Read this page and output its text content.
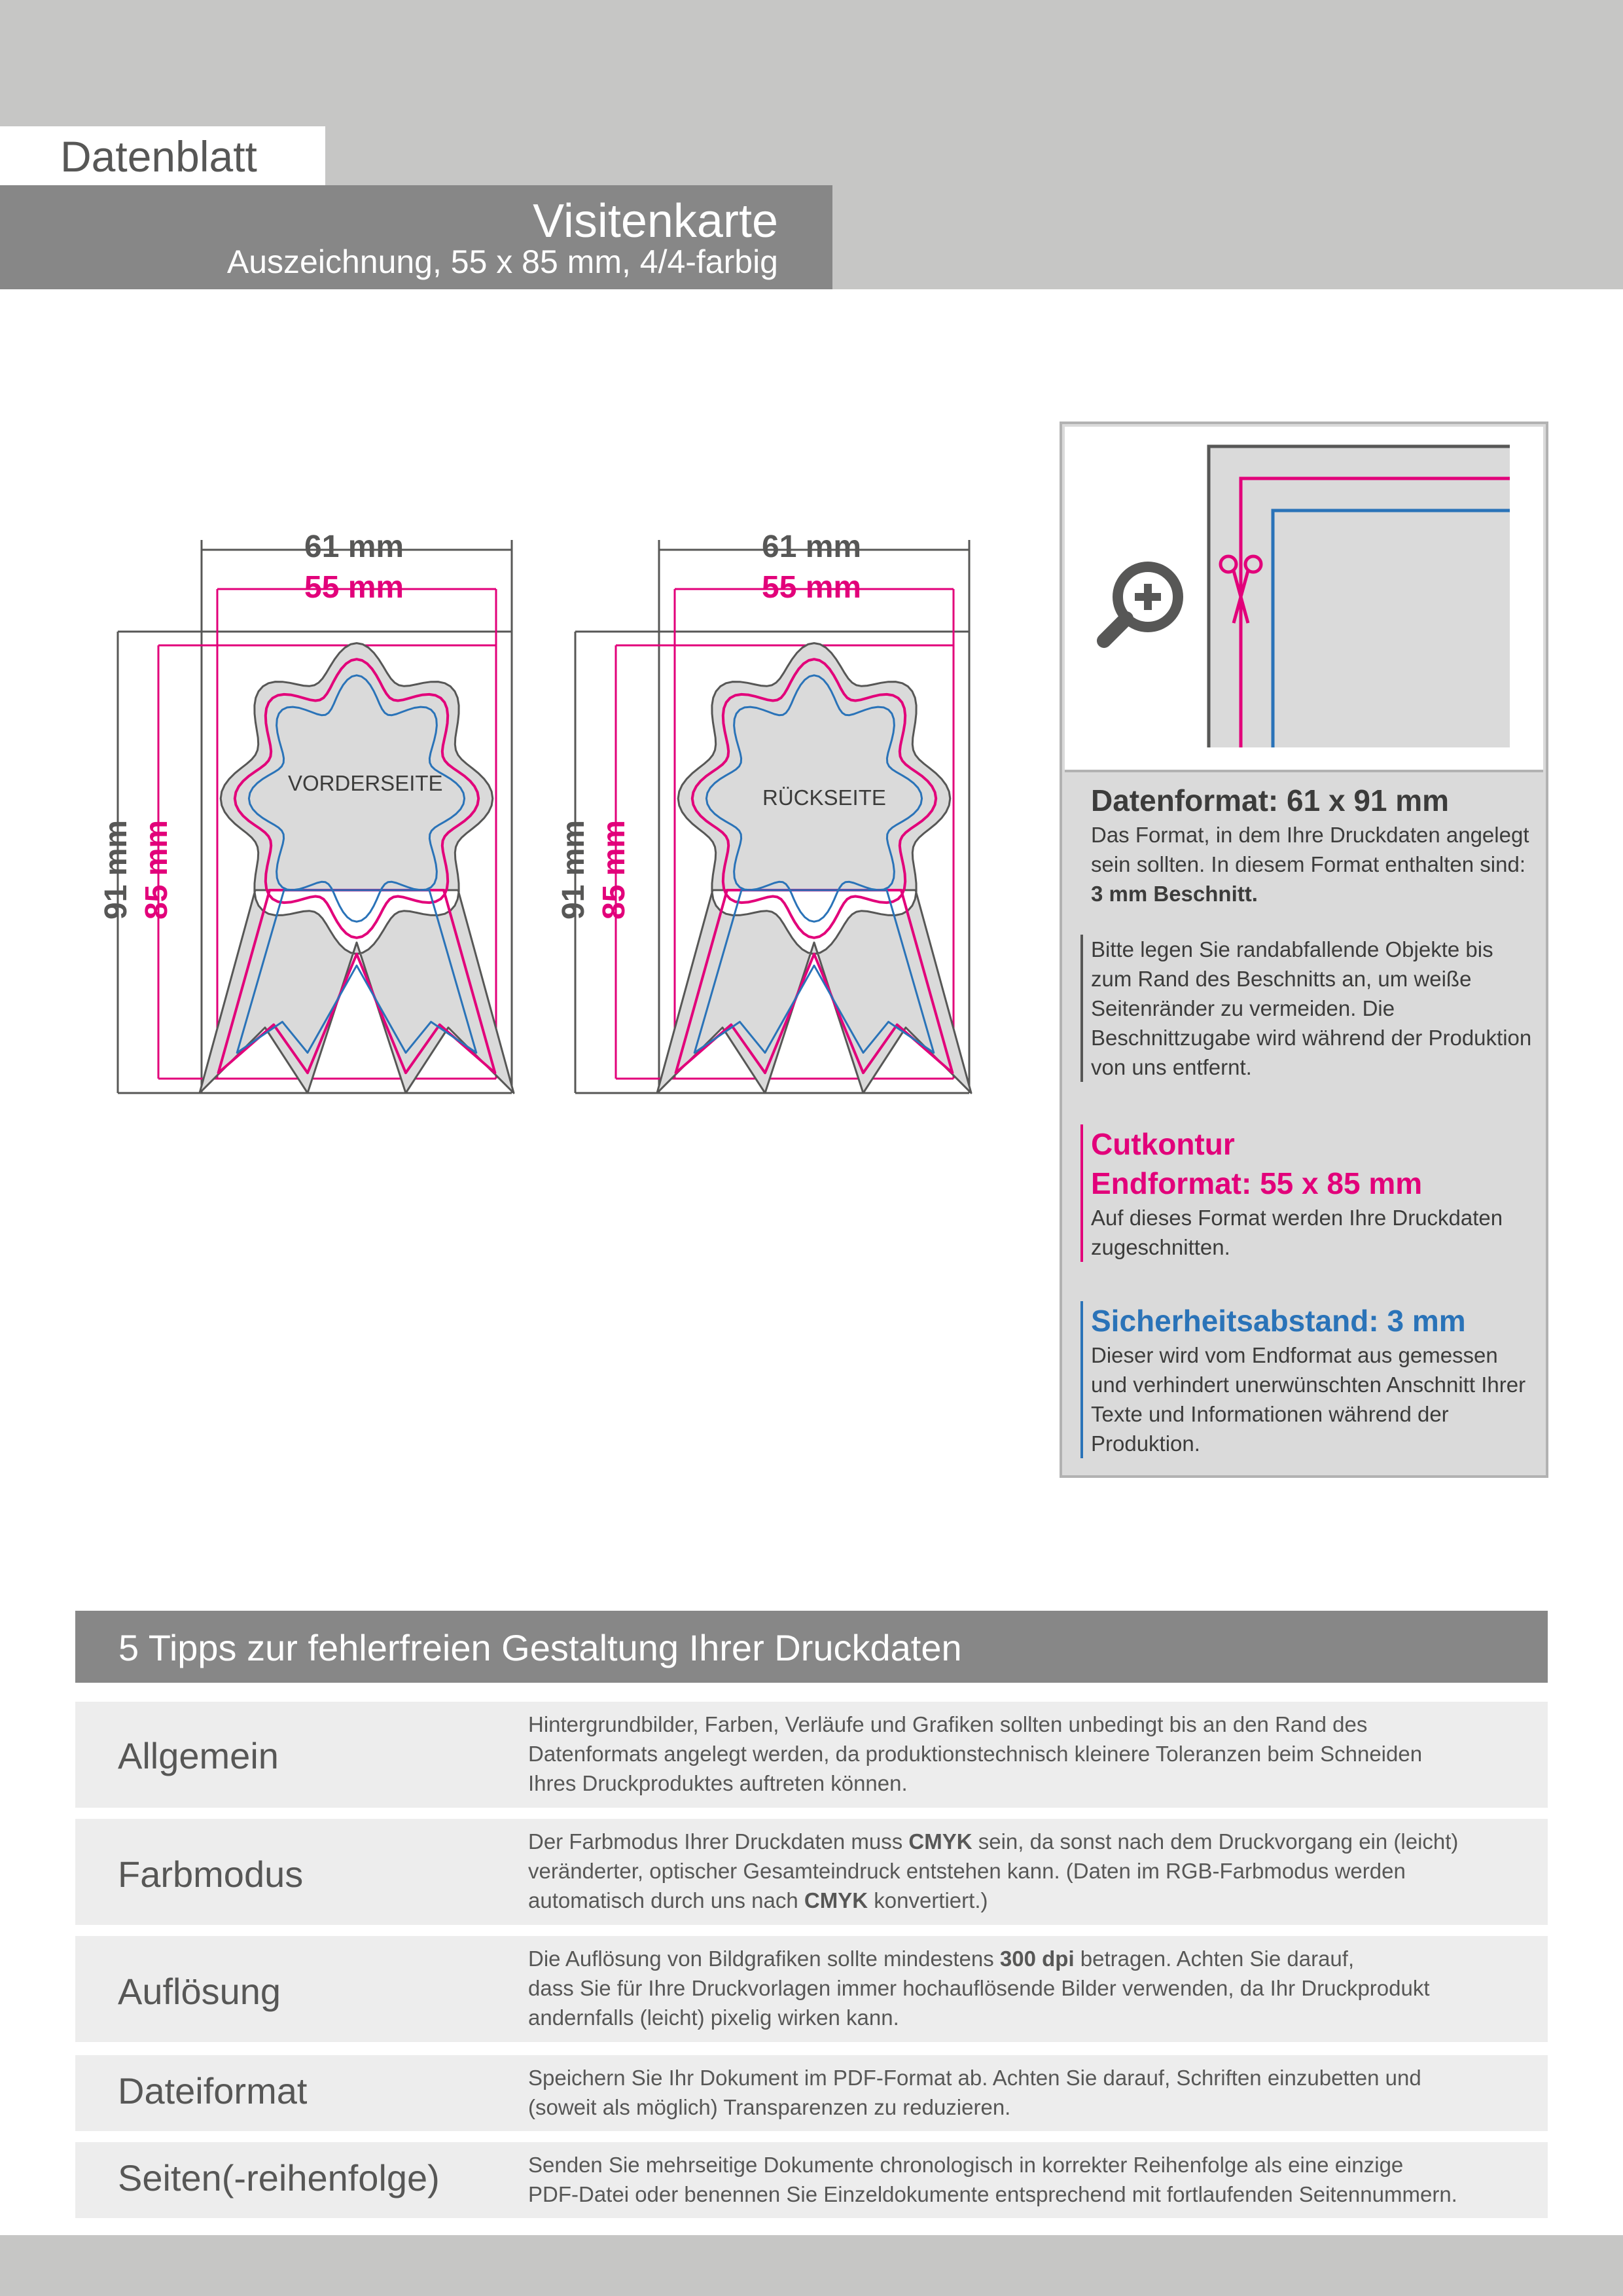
Datenblatt
Visitenkarte
Auszeichnung, 55 x 85 mm, 4/4-farbig
61 mm
55 mm
91 mm 85 mm
VORDERSEITE
61 mm
55 mm
91 mm 85 mm
RÜCKSEITE	Datenformat: 61 x 91 mm
Das Format, in dem Ihre Druckdaten angelegt sein sollten. In diesem Format enthalten sind: 3 mm Beschnitt.
Bitte legen Sie randabfallende Objekte bis zum Rand des Beschnitts an, um weiße Seitenränder zu vermeiden. Die Beschnittzugabe wird während der Produktion von uns entfernt.
Cutkontur
Endformat: 55 x 85 mm
Auf dieses Format werden Ihre Druckdaten zugeschnitten.
Sicherheitsabstand: 3 mm
Dieser wird vom Endformat aus gemessen und verhindert unerwünschten Anschnitt Ihrer Texte und Informationen während der Produktion.
5 Tipps zur fehlerfreien Gestaltung Ihrer Druckdaten
Allgemein
Hintergrundbilder, Farben, Verläufe und Grafiken sollten unbedingt bis an den Rand des
Datenformats angelegt werden, da produktionstechnisch kleinere Toleranzen beim Schneiden
Ihres Druckproduktes auftreten können.
Farbmodus
Der Farbmodus Ihrer Druckdaten muss CMYK sein, da sonst nach dem Druckvorgang ein (leicht)
veränderter, optischer Gesamteindruck entstehen kann. (Daten im RGB-Farbmodus werden
automatisch durch uns nach CMYK konvertiert.)
Auflösung
Die Auflösung von Bildgrafiken sollte mindestens 300 dpi betragen. Achten Sie darauf,
dass Sie für Ihre Druckvorlagen immer hochauflösende Bilder verwenden, da Ihr Druckprodukt
andernfalls (leicht) pixelig wirken kann.
Dateiformat	Speichern Sie Ihr Dokument im PDF-Format ab. Achten Sie darauf, Schriften einzubetten und
(soweit als möglich) Transparenzen zu reduzieren.
Seiten(-reihenfolge)	Senden Sie mehrseitige Dokumente chronologisch in korrekter Reihenfolge als eine einzige
PDF-Datei oder benennen Sie Einzeldokumente entsprechend mit fortlaufenden Seitennummern.
